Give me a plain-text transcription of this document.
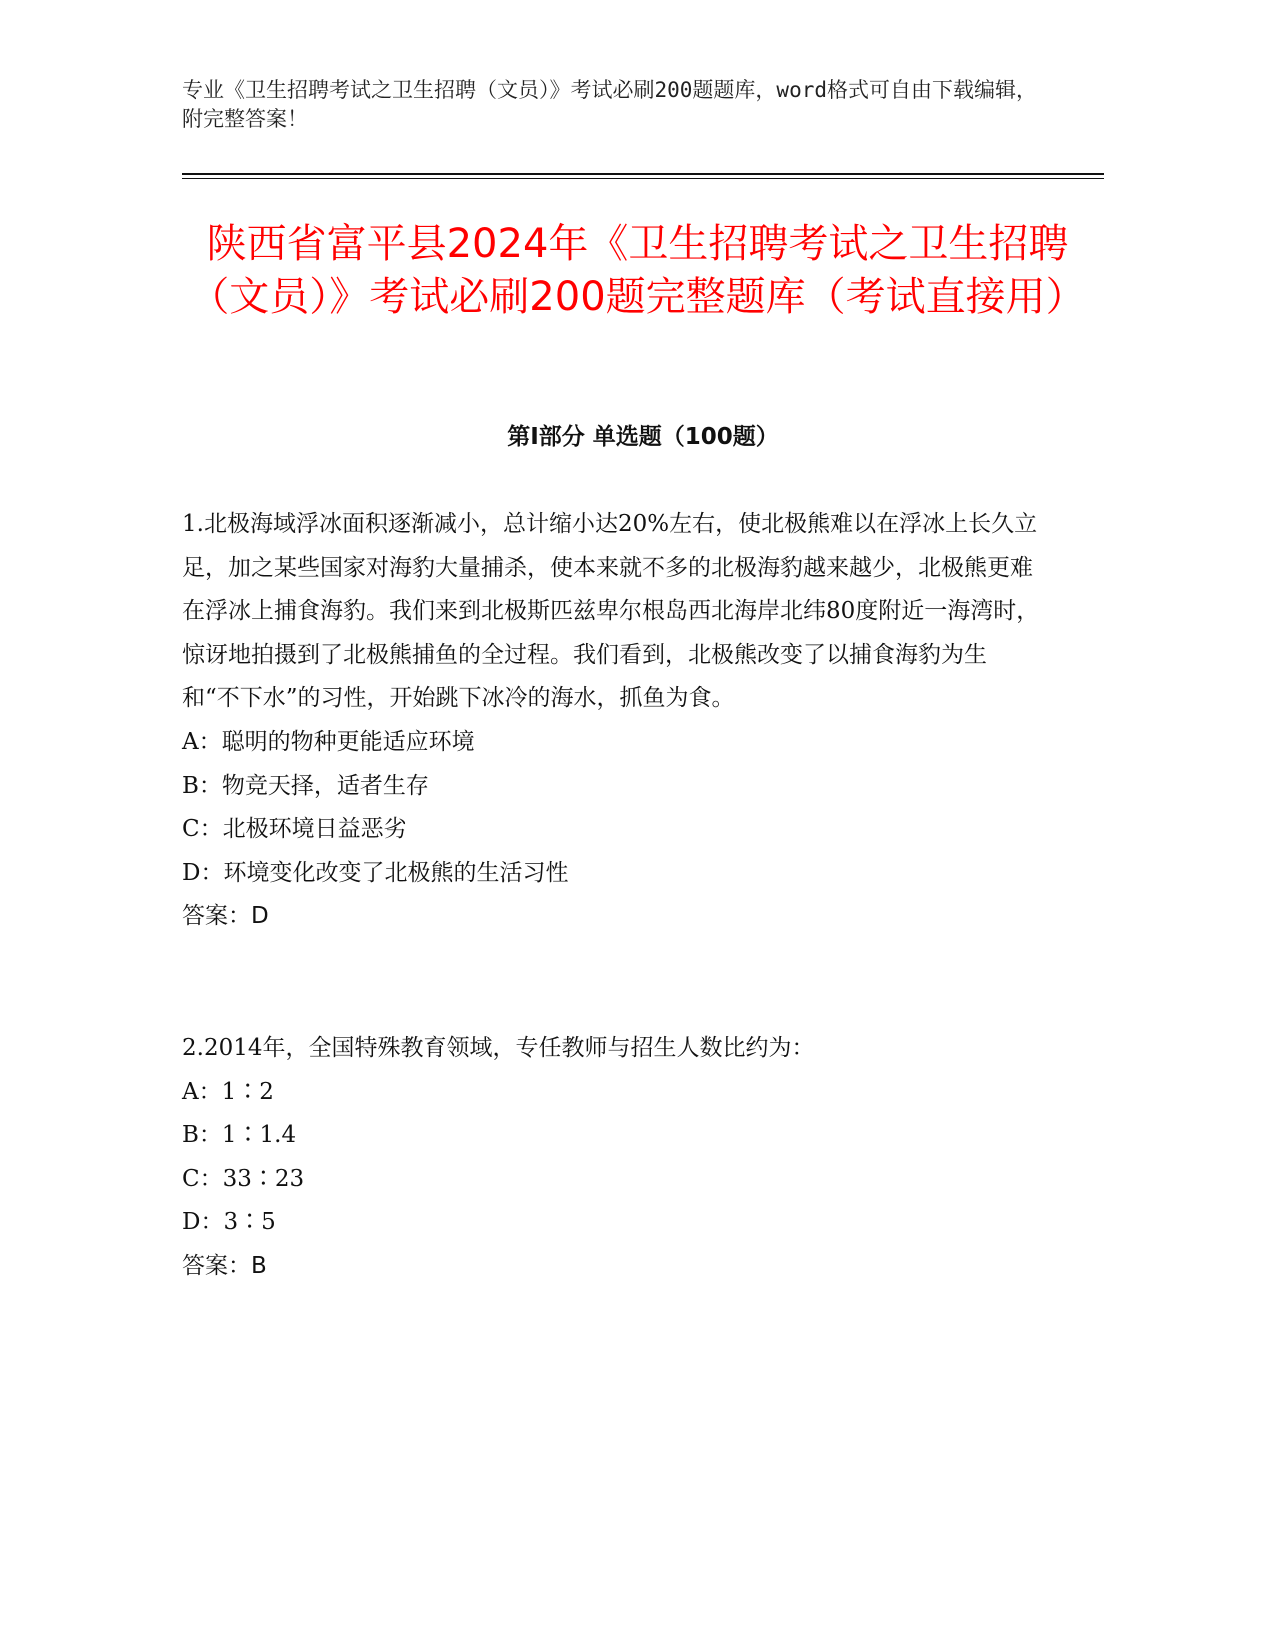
专业《卫生招聘考试之卫生招聘（文员）》考试必刷200题题库，word格式可自由下载编辑，附完整答案！
陕西省富平县2024年《卫生招聘考试之卫生招聘（文员）》考试必刷200题完整题库（考试直接用）
第Ⅰ部分 单选题（100题）

1.北极海域浮冰面积逐渐减小，总计缩小达20%左右，使北极熊难以在浮冰上长久立足，加之某些国家对海豹大量捕杀，使本来就不多的北极海豹越来越少，北极熊更难在浮冰上捕食海豹。我们来到北极斯匹兹卑尔根岛西北海岸北纬80度附近一海湾时，惊讶地拍摄到了北极熊捕鱼的全过程。我们看到，北极熊改变了以捕食海豹为生和“不下水”的习性，开始跳下冰冷的海水，抓鱼为食。

A：聪明的物种更能适应环境

B：物竞天择，适者生存

C：北极环境日益恶劣

D：环境变化改变了北极熊的生活习性

答案：D

2.2014年，全国特殊教育领域，专任教师与招生人数比约为：

A：1∶2

B：1∶1.4

C：33∶23

D：3∶5

答案：B
